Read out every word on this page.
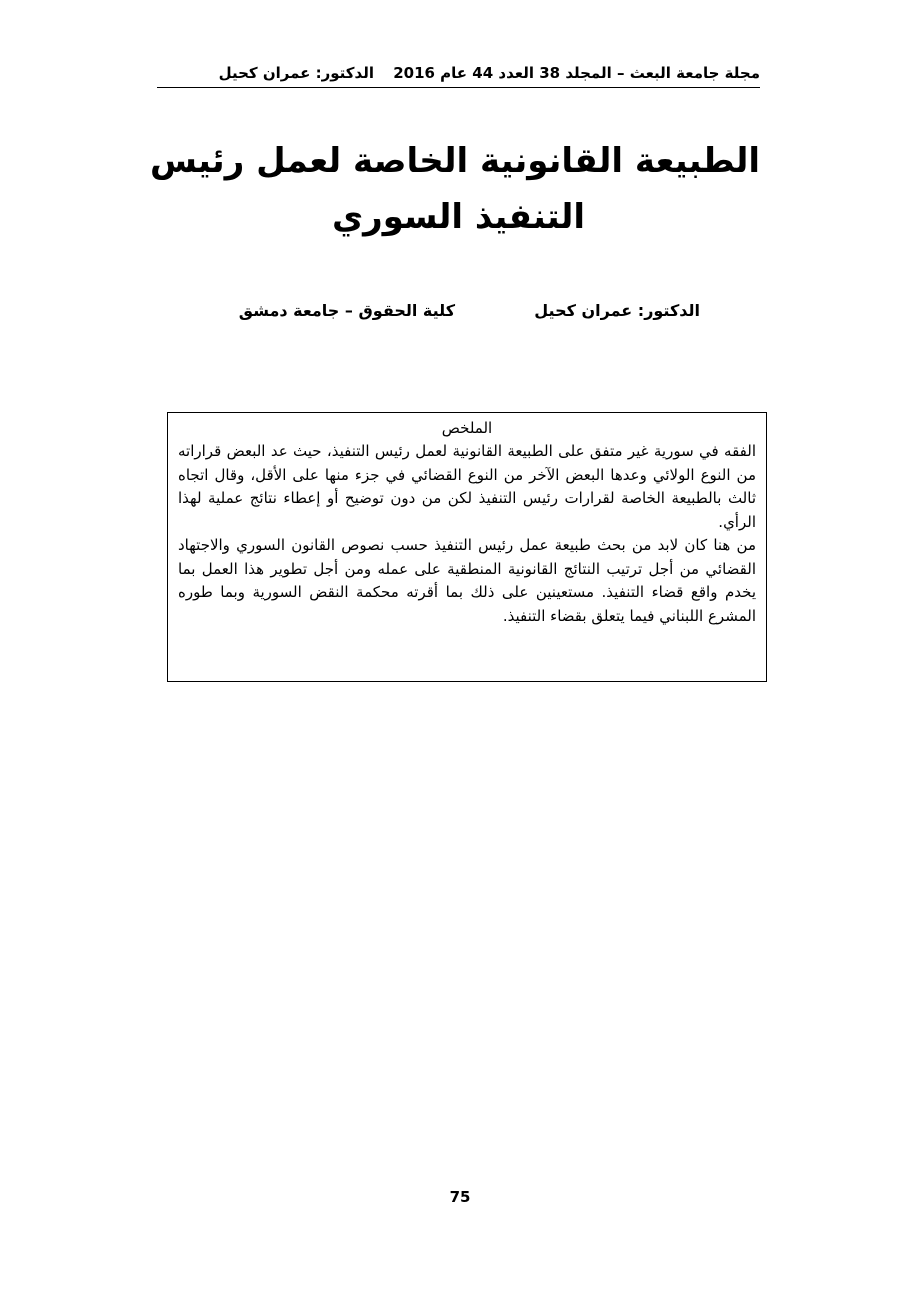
مجلة جامعة البعث – المجلد 38 العدد 44 عام 2016 الدكتور: عمران كحيل
الطبيعة القانونية الخاصة لعمل رئيس
التنفيذ السوري
الدكتور: عمران كحيل
كلية الحقوق – جامعة دمشق
الملخص

الفقه في سورية غير متفق على الطبيعة القانونية لعمل رئيس التنفيذ، حيث عد البعض قراراته من النوع الولائي وعدها البعض الآخر من النوع القضائي في جزء منها على الأقل، وقال اتجاه ثالث بالطبيعة الخاصة لقرارات رئيس التنفيذ لكن من دون توضيح أو إعطاء نتائج عملية لهذا الرأي.

من هنا كان لابد من بحث طبيعة عمل رئيس التنفيذ حسب نصوص القانون السوري والاجتهاد القضائي من أجل ترتيب النتائج القانونية المنطقية على عمله ومن أجل تطوير هذا العمل بما يخدم واقع قضاء التنفيذ. مستعينين على ذلك بما أقرته محكمة النقض السورية وبما طوره المشرع اللبناني فيما يتعلق بقضاء التنفيذ.

75
